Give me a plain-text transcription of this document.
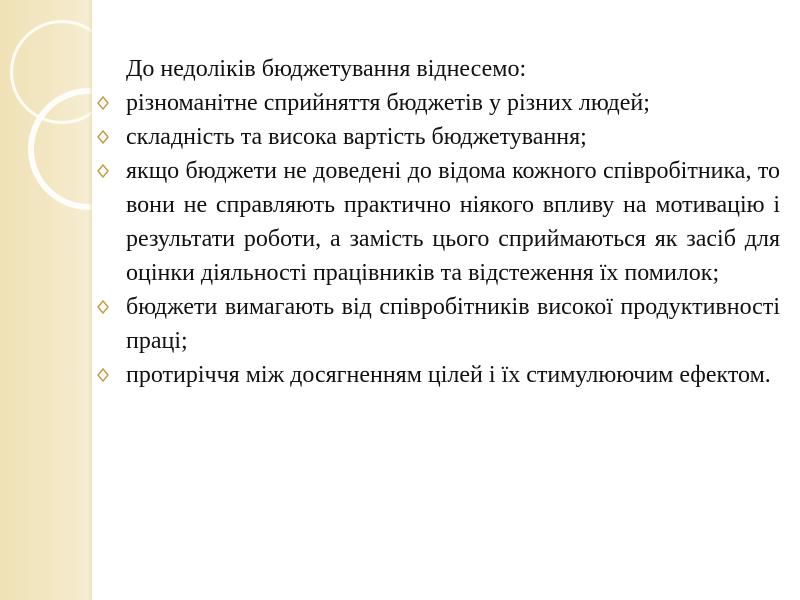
До недоліків бюджетування віднесемо:

різноманітне сприйняття бюджетів у різних людей;
складність та висока вартість бюджетування;
якщо бюджети не доведені до відома кожного співробітника, то вони не справляють практично ніякого впливу на мотивацію і результати роботи, а замість цього сприймаються як засіб для оцінки діяльності працівників та відстеження їх помилок;
бюджети вимагають від співробітників високої продуктивності праці;
протиріччя між досягненням цілей і їх стимулюючим ефектом.
